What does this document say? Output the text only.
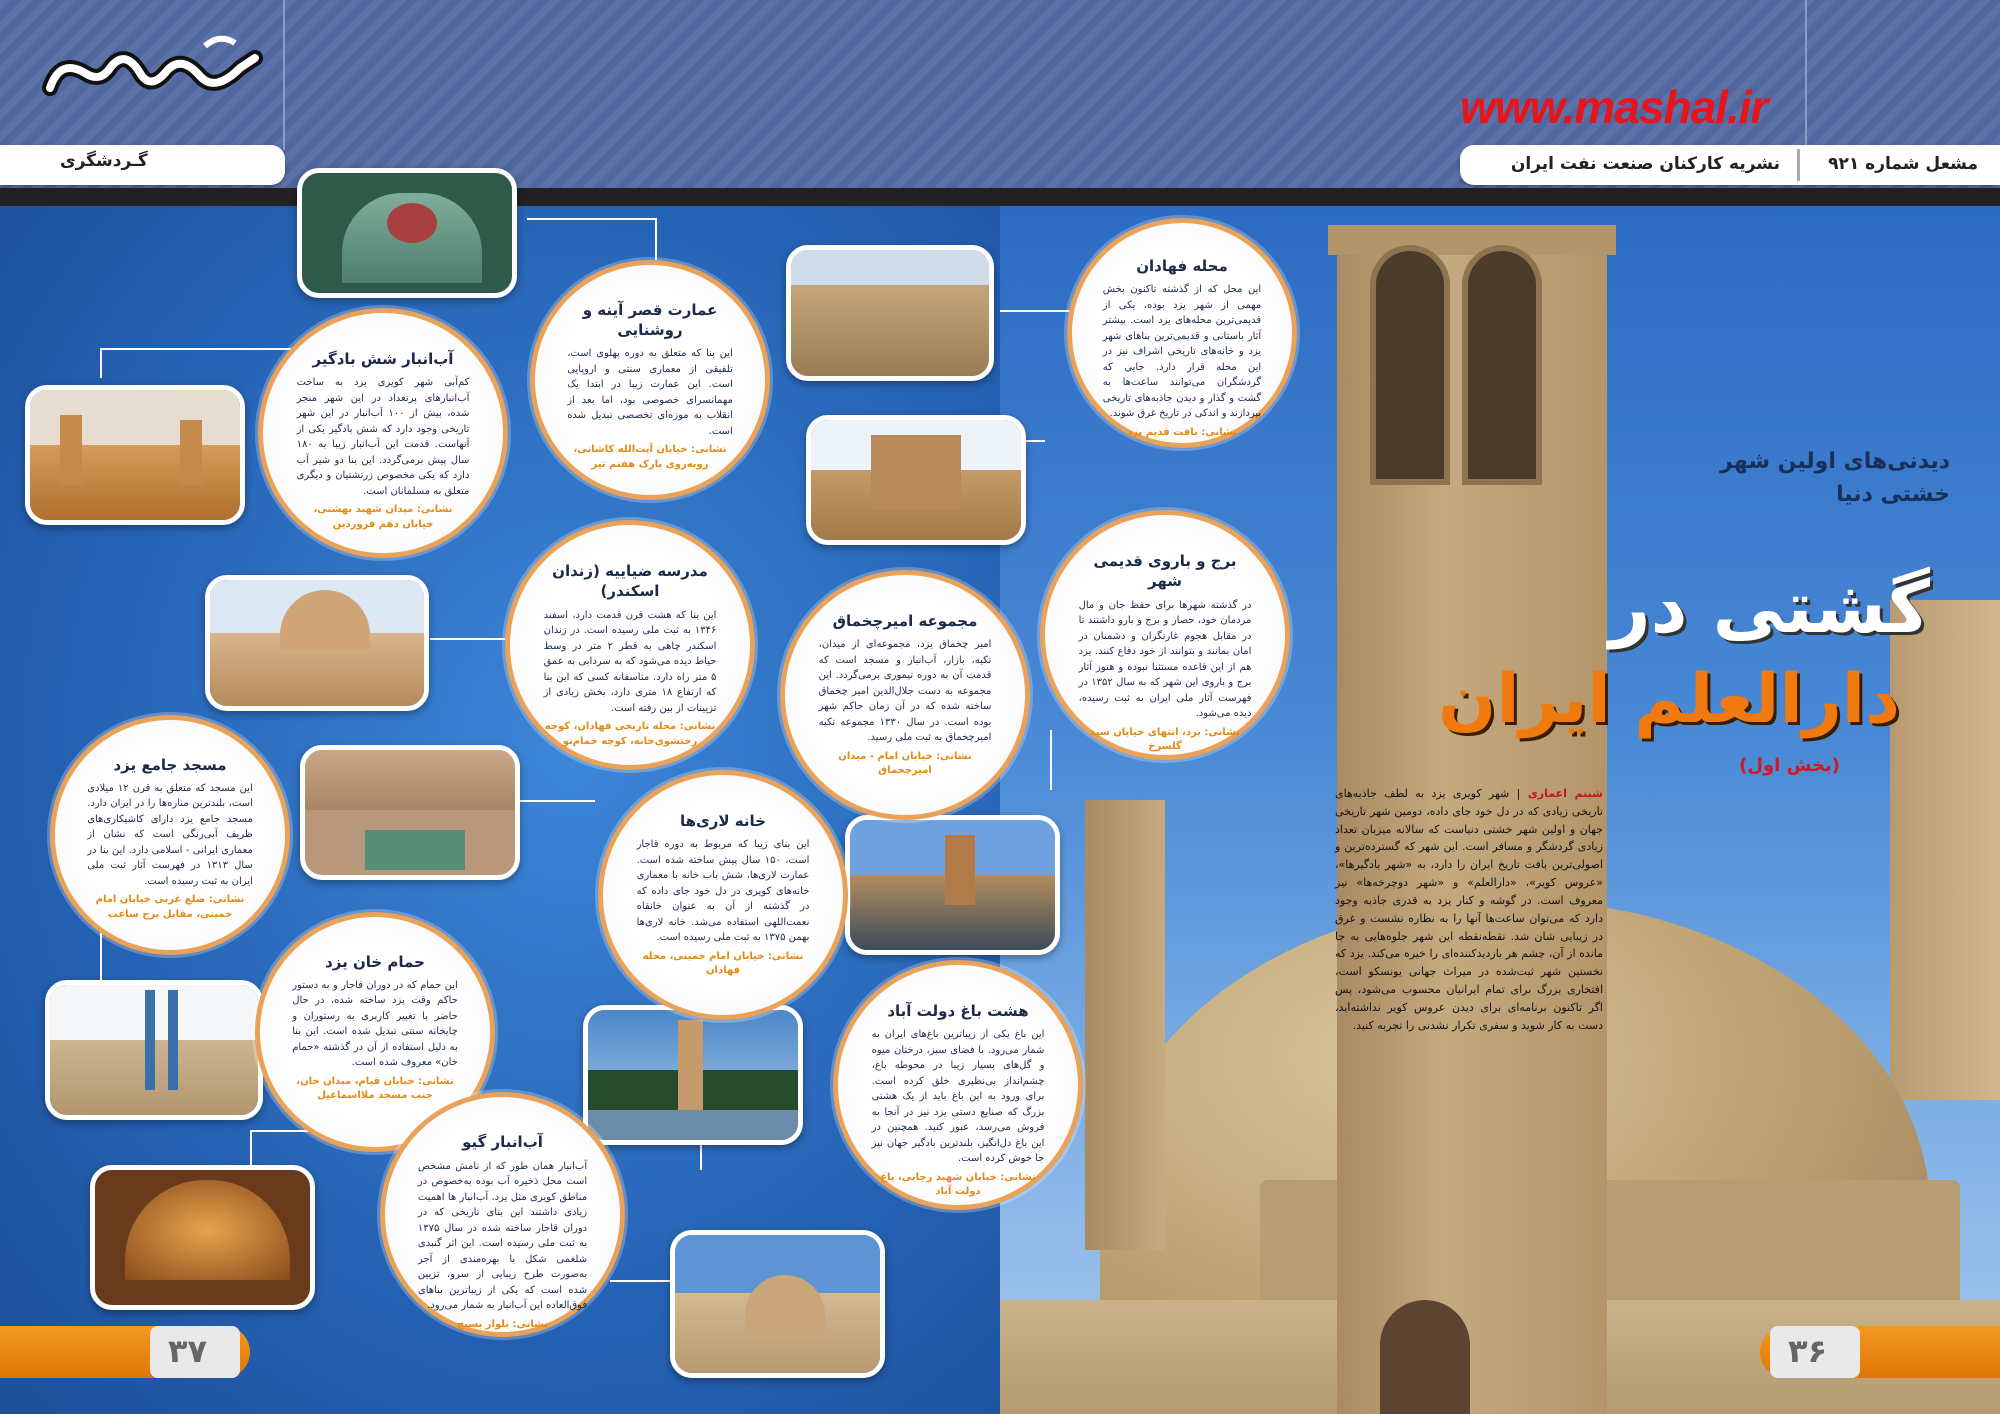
گـردشگری
www.mashal.ir
مشعل شماره ۹۲۱
نشریه کارکنان صنعت نفت ایران
دیدنی‌های اولین شهر
خشتی دنیا
گشتی در
دارالعلم ایران
(بخش اول)
شبنم اعماری | شهر کویری یزد به لطف جاذبه‌های تاریخی زیادی که در دل خود جای داده، دومین شهر تاریخی جهان و اولین شهر خشتی دنیاست که سالانه میزبان تعداد زیادی گردشگر و مسافر است. این شهر که گسترده‌ترین و اصولی‌ترین بافت تاریخ ایران را دارد، به «شهر بادگیرها»، «عروس کویر»، «دارالعلم» و «شهر دوچرخه‌ها» نیز معروف است. در گوشه و کنار یزد به قدری جاذبه وجود دارد که می‌توان ساعت‌ها آنها را به نظاره نشست و غرق در زیبایی شان شد. نقطه‌نقطه این شهر جلوه‌هایی به جا مانده از آن، چشم هر بازدیدکننده‌ای را خیره می‌کند. یزد که نخستین شهر ثبت‌شده در میراث جهانی یونسکو است، افتخاری بزرگ برای تمام ایرانیان محسوب می‌شود، پس اگر تاکنون برنامه‌ای برای دیدن عروس کویر نداشته‌اید، دست به کار شوید و سفری تکرار نشدنی را تجربه کنید.
محله فهادان

این محل که از گذشته تاکنون بخش مهمی از شهر یزد بوده، یکی از قدیمی‌ترین محله‌های یزد است. بیشتر آثار باستانی و قدیمی‌ترین بناهای شهر یزد و خانه‌های تاریخی اشراف نیز در این محله قرار دارد. جایی که گردشگران می‌توانند ساعت‌ها به گشت و گذار و دیدن جاذبه‌های تاریخی بپردازند و اندکی در تاریخ غرق شوند.

نشانی: بافت قدیم یزد
عمارت قصر آینه و روشنایی

این بنا که متعلق به دوره پهلوی است، تلفیقی از معماری سنتی و اروپایی است. این عمارت زیبا در ابتدا یک مهمانسرای خصوصی بود، اما بعد از انقلاب به موزه‌ای تخصصی تبدیل شده است.

نشانی: خیابان آیت‌الله کاشانی، روبه‌روی پارک هفتم تیر
آب‌انبار شش بادگیر

کم‌آبی شهر کویری یزد به ساخت آب‌انبارهای پرتعداد در این شهر منجر شده، بیش از ۱۰۰ آب‌انبار در این شهر تاریخی وجود دارد که شش بادگیر یکی از آنهاست. قدمت این آب‌انبار زیبا به ۱۸۰ سال پیش برمی‌گردد. این بنا دو شیر آب دارد که یکی مخصوص زرتشتیان و دیگری متعلق به مسلمانان است.

نشانی: میدان شهید بهشتی، خیابان دهم فروردین
برج و باروی قدیمی شهر

در گذشته شهرها برای حفظ جان و مال مردمان خود، حصار و برج و بارو داشتند تا در مقابل هجوم غارتگران و دشمنان در امان بمانند و بتوانند از خود دفاع کنند. یزد هم از این قاعده مستثنا نبوده و هنوز آثار برج و باروی این شهر که به سال ۱۳۵۲ در فهرست آثار ملی ایران به ثبت رسیده، دیده می‌شود.

نشانی: بزد، انتهای خیابان سید گلسرخ
مدرسه ضیاییه (زندان اسکندر)

این بنا که هشت قرن قدمت دارد، اسفند ۱۳۴۶ به ثبت ملی رسیده است. در زندان اسکندر چاهی به قطر ۲ متر در وسط حیاط دیده می‌شود که به سردابی به عمق ۵ متر راه دارد. متاسفانه کسی که این بنا که ارتفاع ۱۸ متری دارد، بخش زیادی از تزیینات از بین رفته است.

نشانی: محله تاریخی فهادان، کوچه رختشوی‌خانه، کوچه حمام‌نو
مجموعه امیرچخماق

امیر چخماق یزد، مجموعه‌ای از میدان، تکیه، بازار، آب‌انبار و مسجد است که قدمت آن به دوره تیموری برمی‌گردد. این مجموعه به دست جلال‌الدین امیر چخماق ساخته شده که در آن زمان حاکم شهر بوده است. در سال ۱۳۳۰ مجموعه تکیه امیرچخماق به ثبت ملی رسید.

نشانی: خیابان امام - میدان امیرچخماق
مسجد جامع یزد

این مسجد که متعلق به قرن ۱۲ میلادی است، بلندترین منار‌ه‌ها را در ایران دارد. مسجد جامع یزد دارای کاشیکاری‌های ظریف آبی‌رنگی است که نشان از معماری ایرانی - اسلامی دارد. این بنا در سال ۱۳۱۳ در فهرست آثار ثبت ملی ایران به ثبت رسیده است.

نشانی: ضلع غربی خیابان امام خمینی، مقابل برج ساعت
خانه لاری‌ها

این بنای زیبا که مربوط به دوره قاجار است، ۱۵۰ سال پیش ساخته شده است. عمارت لاری‌ها، شش باب خانه با معماری خانه‌های کویری در دل خود جای داده که در گذشته از آن به عنوان خانقاه نعمت‌اللهی استفاده می‌شد. خانه لاری‌ها بهمن ۱۳۷۵ به ثبت ملی رسیده است.

نشانی: خیابان امام خمینی، محله فهادان
حمام خان یزد

این حمام که در دوران قاجار و به دستور حاکم وقت یزد ساخته شده، در حال حاضر با تغییر کاربری به رستوران و چایخانه سنتی تبدیل شده است. این بنا به دلیل استفاده از آن در گذشته «حمام خان» معروف شده است.

نشانی: خیابان قیام، میدان خان، جنب مسجد ملااسماعیل
هشت باغ دولت آباد

این باغ یکی از زیباترین باغ‌های ایران به شمار می‌رود. با فضای سبز، درختان میوه و گل‌های بسیار زیبا در محوطه باغ، چشم‌انداز بی‌نظیری خلق کرده است. برای ورود به این باغ باید از یک هشتی بزرگ که صنایع دستی یزد نیز در آنجا به فروش می‌رسد، عبور کنید. همچنین در این باغ دل‌انگیز، بلندترین بادگیر جهان نیز جا خوش کرده است.

نشانی: خیابان شهید رجایی، باغ دولت آباد
آب‌انبار گیو

آب‌انبار همان طور که از نامش مشخص است محل ذخیره آب بوده به‌خصوص در مناطق کویری مثل یزد. آب‌انبار ها اهمیت زیادی داشتند این بنای تاریخی که در دوران قاجار ساخته شده در سال ۱۳۷۵ به ثبت ملی رسیده است. این اثر گنبدی شلغمی شکل با بهره‌مندی از آجر به‌صورت طرح زیبایی از سرو، تزیین شده است که یکی از زیباترین بناهای فوق‌العاده این آب‌انبار به شمار می‌رود.

نشانی: بلوار بسیج
۳۷	۳۶
